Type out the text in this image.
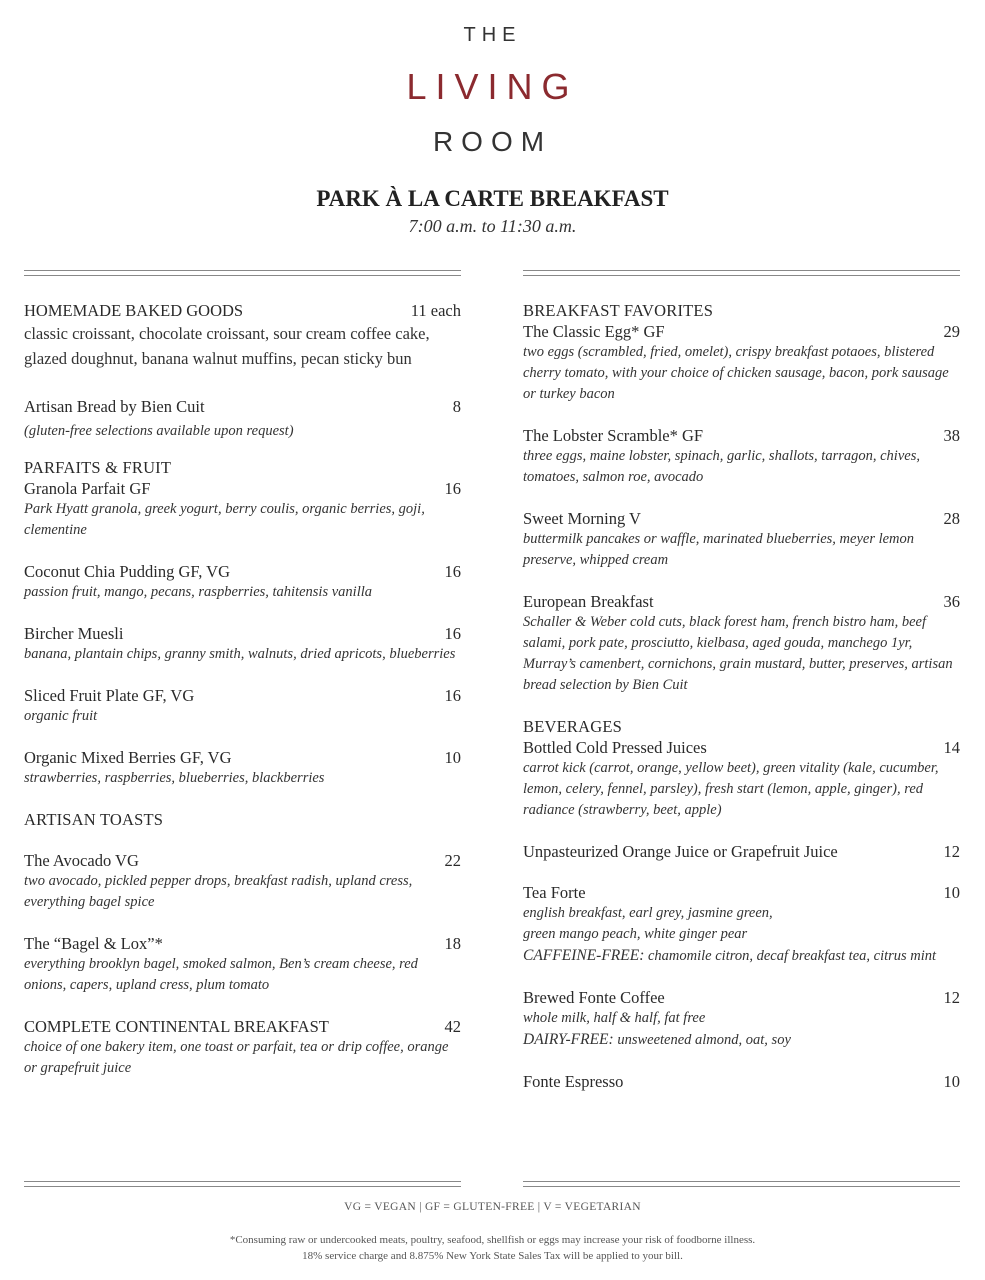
THE
LIVING
ROOM
PARK À LA CARTE BREAKFAST
7:00 a.m. to 11:30 a.m.
HOMEMADE BAKED GOODS	11 each
classic croissant, chocolate croissant, sour cream coffee cake, glazed doughnut, banana walnut muffins, pecan sticky bun
Artisan Bread by Bien Cuit	8
(gluten-free selections available upon request)
PARFAITS & FRUIT
Granola Parfait GF	16
Park Hyatt granola, greek yogurt, berry coulis, organic berries, goji, clementine
Coconut Chia Pudding GF, VG	16
passion fruit, mango, pecans, raspberries, tahitensis vanilla
Bircher Muesli	16
banana, plantain chips, granny smith, walnuts, dried apricots, blueberries
Sliced Fruit Plate GF, VG	16
organic fruit
Organic Mixed Berries GF, VG	10
strawberries, raspberries, blueberries, blackberries
ARTISAN TOASTS
The Avocado VG	22
two avocado, pickled pepper drops, breakfast radish, upland cress, everything bagel spice
The “Bagel & Lox”*	18
everything brooklyn bagel, smoked salmon, Ben’s cream cheese, red onions, capers, upland cress, plum tomato
COMPLETE CONTINENTAL BREAKFAST	42
choice of one bakery item, one toast or parfait, tea or drip coffee, orange or grapefruit juice
BREAKFAST FAVORITES
The Classic Egg* GF	29
two eggs (scrambled, fried, omelet), crispy breakfast potaoes, blistered cherry tomato, with your choice of chicken sausage, bacon, pork sausage or turkey bacon
The Lobster Scramble* GF	38
three eggs, maine lobster, spinach, garlic, shallots, tarragon, chives, tomatoes, salmon roe, avocado
Sweet Morning V	28
buttermilk pancakes or waffle, marinated blueberries, meyer lemon preserve, whipped cream
European Breakfast	36
Schaller & Weber cold cuts, black forest ham, french bistro ham, beef salami, pork pate, prosciutto, kielbasa, aged gouda, manchego 1yr, Murray’s camenbert, cornichons, grain mustard, butter, preserves, artisan bread selection by Bien Cuit
BEVERAGES
Bottled Cold Pressed Juices	14
carrot kick (carrot, orange, yellow beet), green vitality (kale, cucumber, lemon, celery, fennel, parsley), fresh start (lemon, apple, ginger), red radiance (strawberry, beet, apple)
Unpasteurized Orange Juice or Grapefruit Juice	12
Tea Forte	10
english breakfast, earl grey, jasmine green,
green mango peach, white ginger pear
CAFFEINE-FREE: chamomile citron, decaf breakfast tea, citrus mint
Brewed Fonte Coffee	12
whole milk, half & half, fat free
DAIRY-FREE: unsweetened almond, oat, soy
Fonte Espresso	10
VG = VEGAN | GF = GLUTEN-FREE | V = VEGETARIAN
*Consuming raw or undercooked meats, poultry, seafood, shellfish or eggs may increase your risk of foodborne illness.
18% service charge and 8.875% New York State Sales Tax will be applied to your bill.
